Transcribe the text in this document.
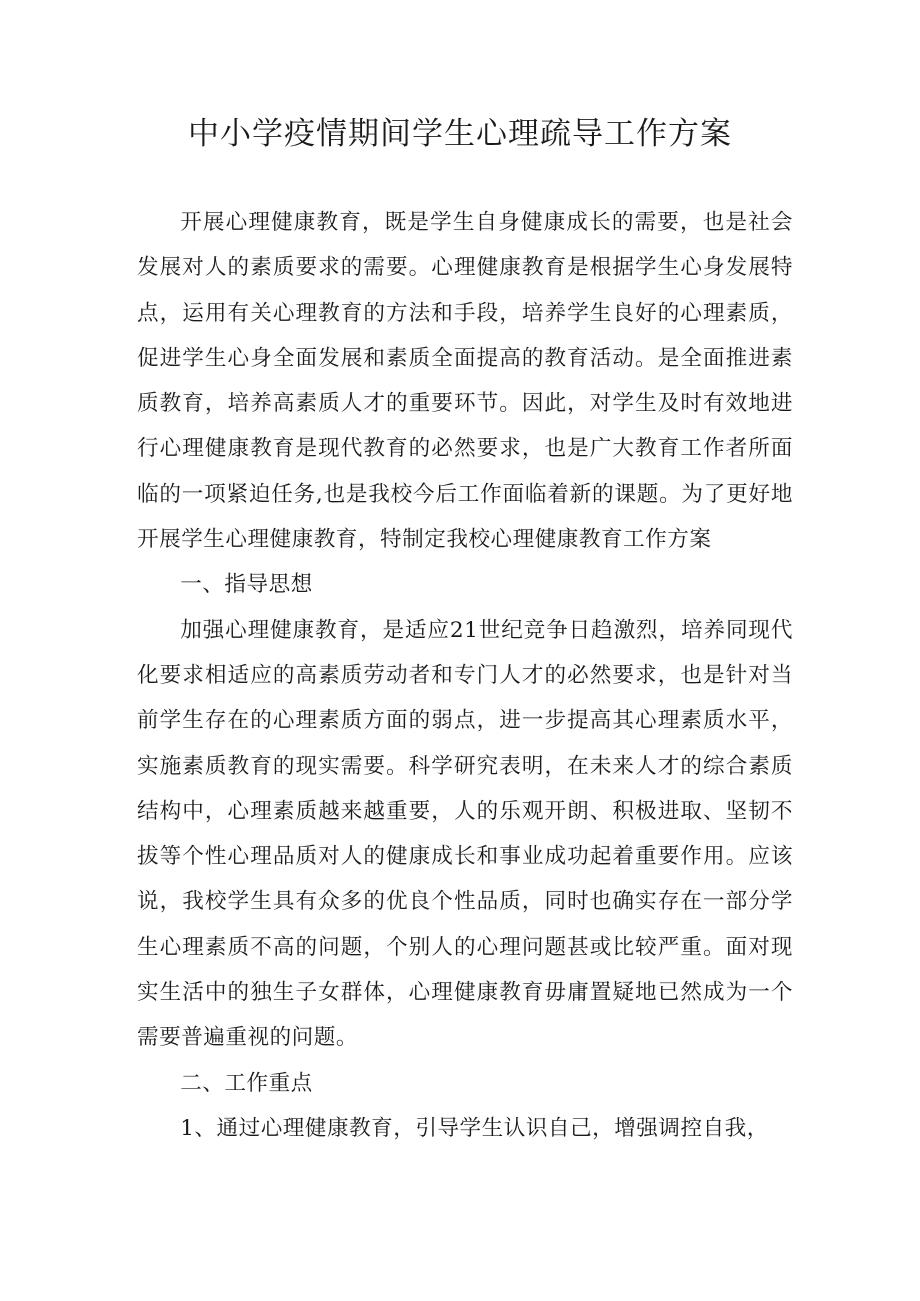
中小学疫情期间学生心理疏导工作方案

开展心理健康教育，既是学生自身健康成长的需要，也是社会发展对人的素质要求的需要。心理健康教育是根据学生心身发展特点，运用有关心理教育的方法和手段，培养学生良好的心理素质，促进学生心身全面发展和素质全面提高的教育活动。是全面推进素质教育，培养高素质人才的重要环节。因此，对学生及时有效地进行心理健康教育是现代教育的必然要求，也是广大教育工作者所面临的一项紧迫任务,也是我校今后工作面临着新的课题。为了更好地开展学生心理健康教育，特制定我校心理健康教育工作方案

一、指导思想

加强心理健康教育，是适应21世纪竞争日趋激烈，培养同现代化要求相适应的高素质劳动者和专门人才的必然要求，也是针对当前学生存在的心理素质方面的弱点，进一步提高其心理素质水平，实施素质教育的现实需要。科学研究表明，在未来人才的综合素质结构中，心理素质越来越重要，人的乐观开朗、积极进取、坚韧不拔等个性心理品质对人的健康成长和事业成功起着重要作用。应该说，我校学生具有众多的优良个性品质，同时也确实存在一部分学生心理素质不高的问题，个别人的心理问题甚或比较严重。面对现实生活中的独生子女群体，心理健康教育毋庸置疑地已然成为一个需要普遍重视的问题。

二、工作重点

1、通过心理健康教育，引导学生认识自己，增强调控自我，
